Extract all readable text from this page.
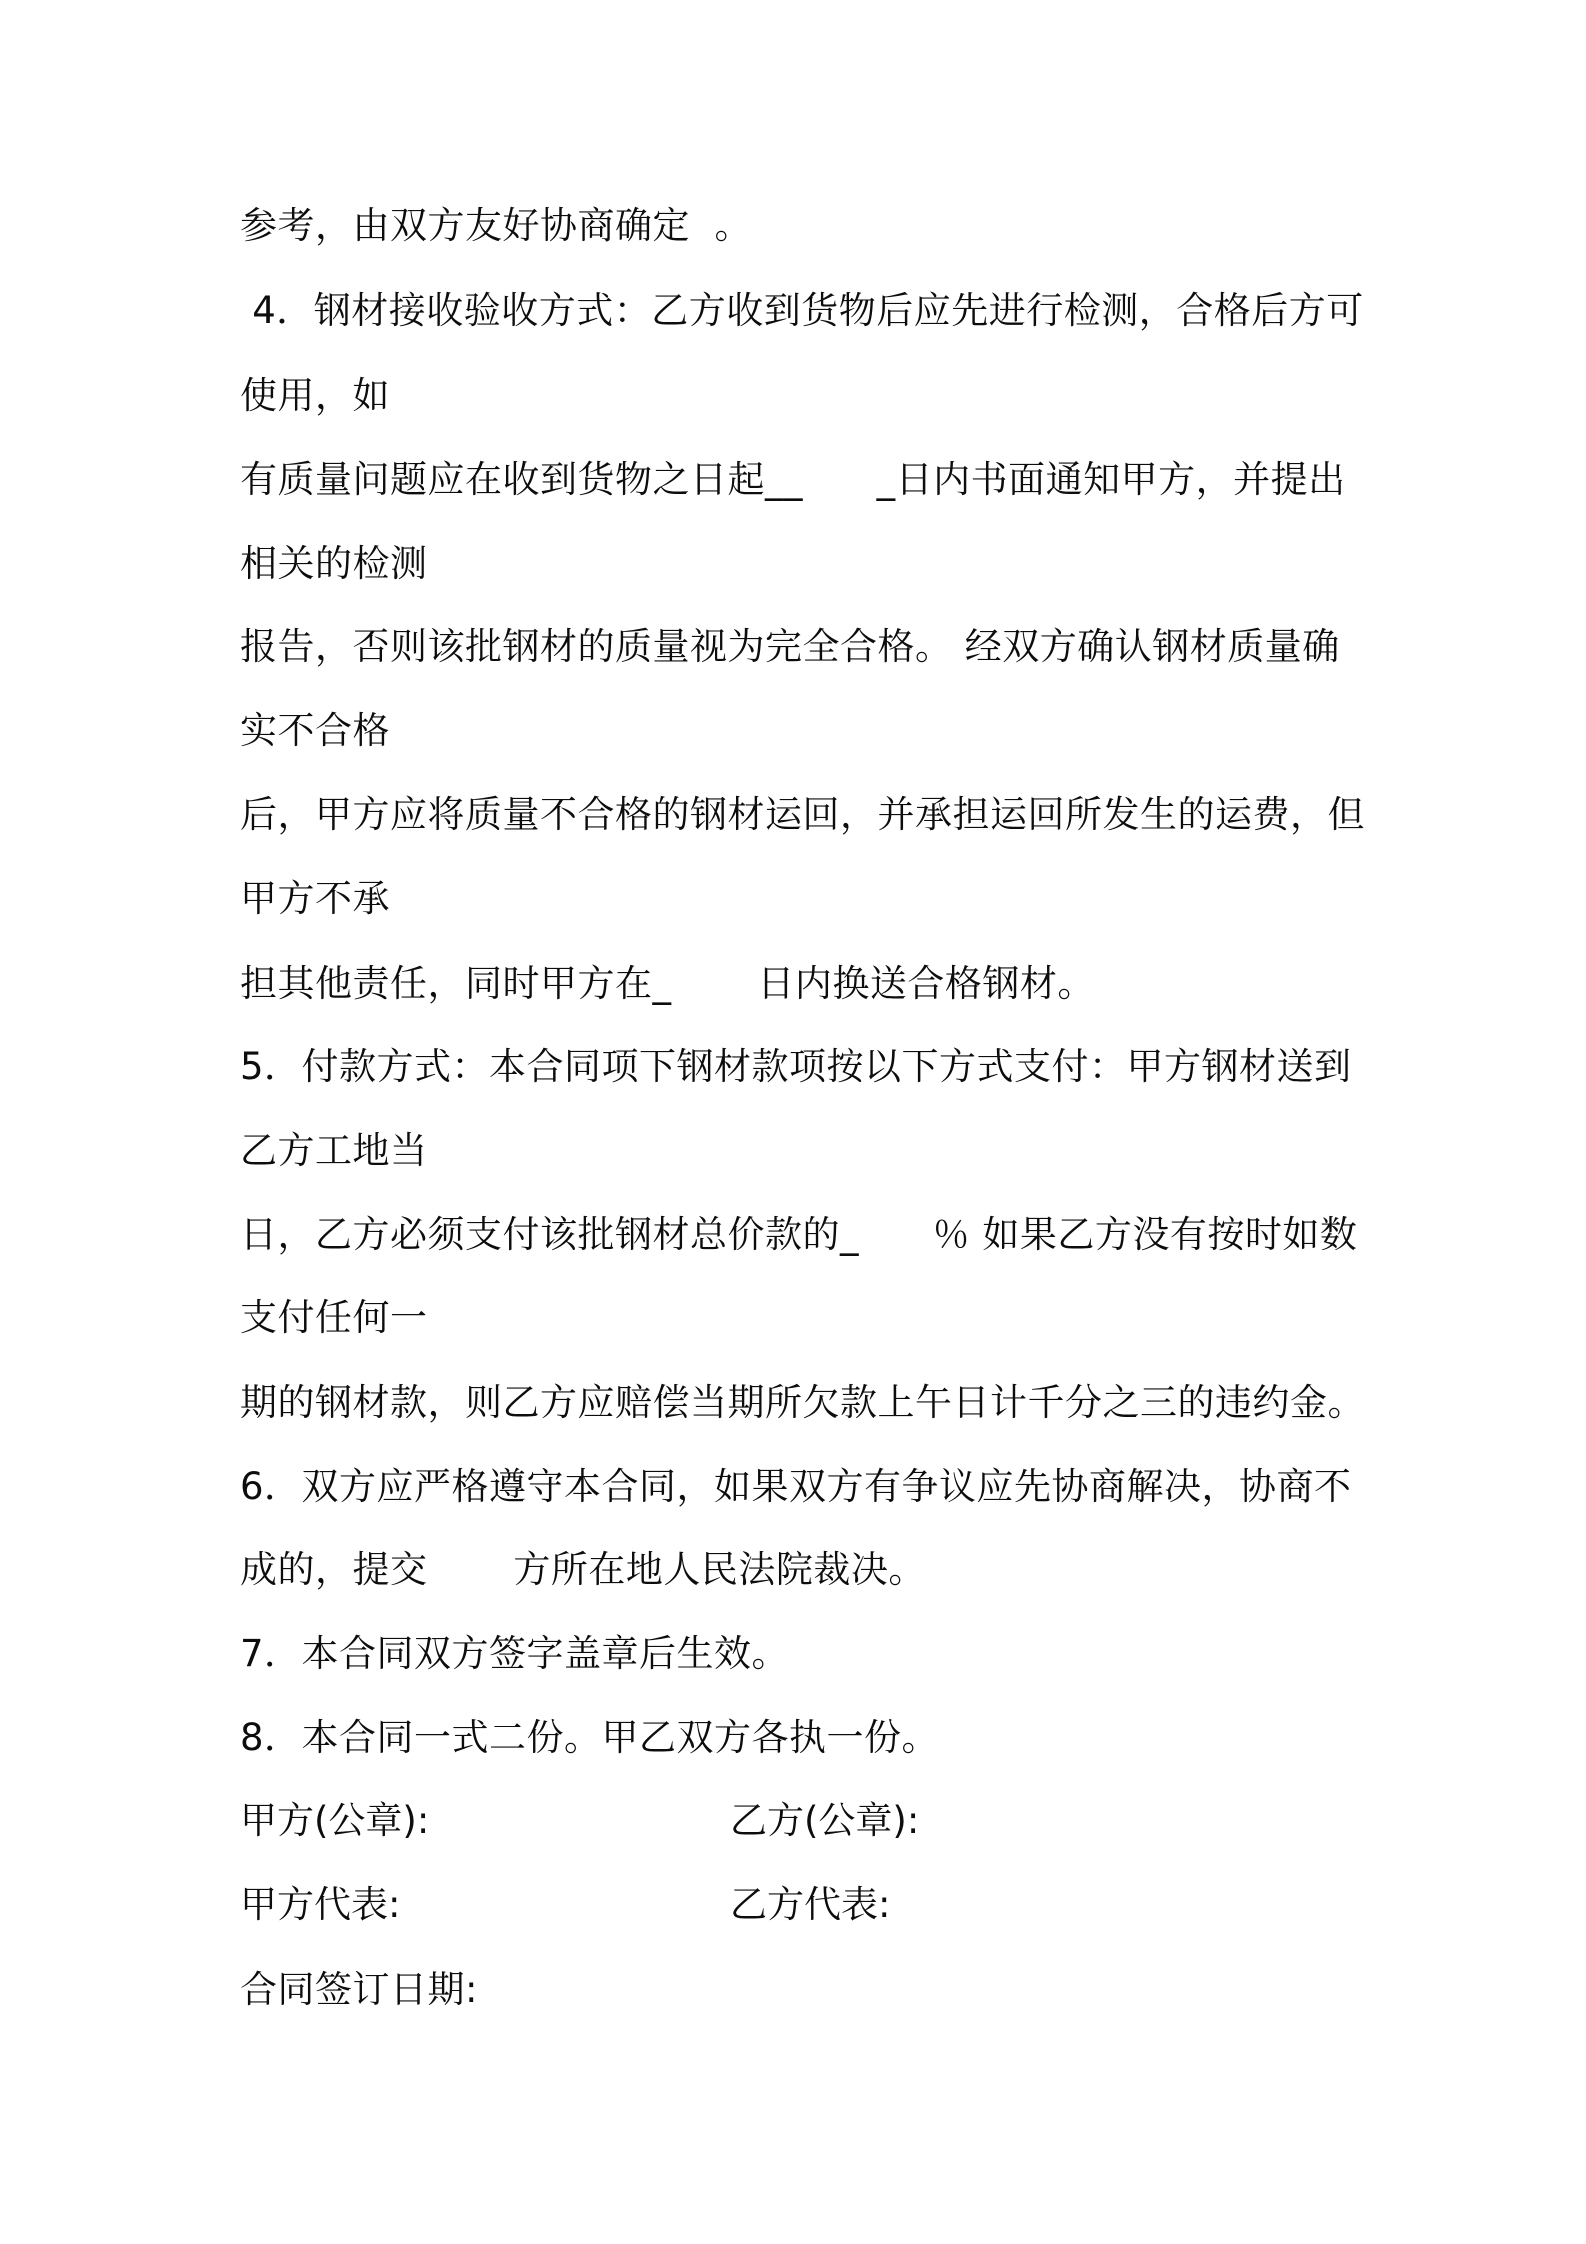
参考，由双方友好协商确定  。
4．钢材接收验收方式：乙方收到货物后应先进行检测，合格后方可
使用，如
有质量问题应在收到货物之日起__      _日内书面通知甲方，并提出
相关的检测
报告，否则该批钢材的质量视为完全合格。 经双方确认钢材质量确
实不合格
后，甲方应将质量不合格的钢材运回，并承担运回所发生的运费，但
甲方不承
担其他责任，同时甲方在_       日内换送合格钢材。
5．付款方式：本合同项下钢材款项按以下方式支付：甲方钢材送到
乙方工地当
日，乙方必须支付该批钢材总价款的_      ％ 如果乙方没有按时如数
支付任何一
期的钢材款，则乙方应赔偿当期所欠款上午日计千分之三的违约金。
6．双方应严格遵守本合同，如果双方有争议应先协商解决，协商不
成的，提交       方所在地人民法院裁决。
7．本合同双方签字盖章后生效。
8．本合同一式二份。甲乙双方各执一份。

甲方(公章):

	乙方(公章):

甲方代表:

	乙方代表:

合同签订日期:
